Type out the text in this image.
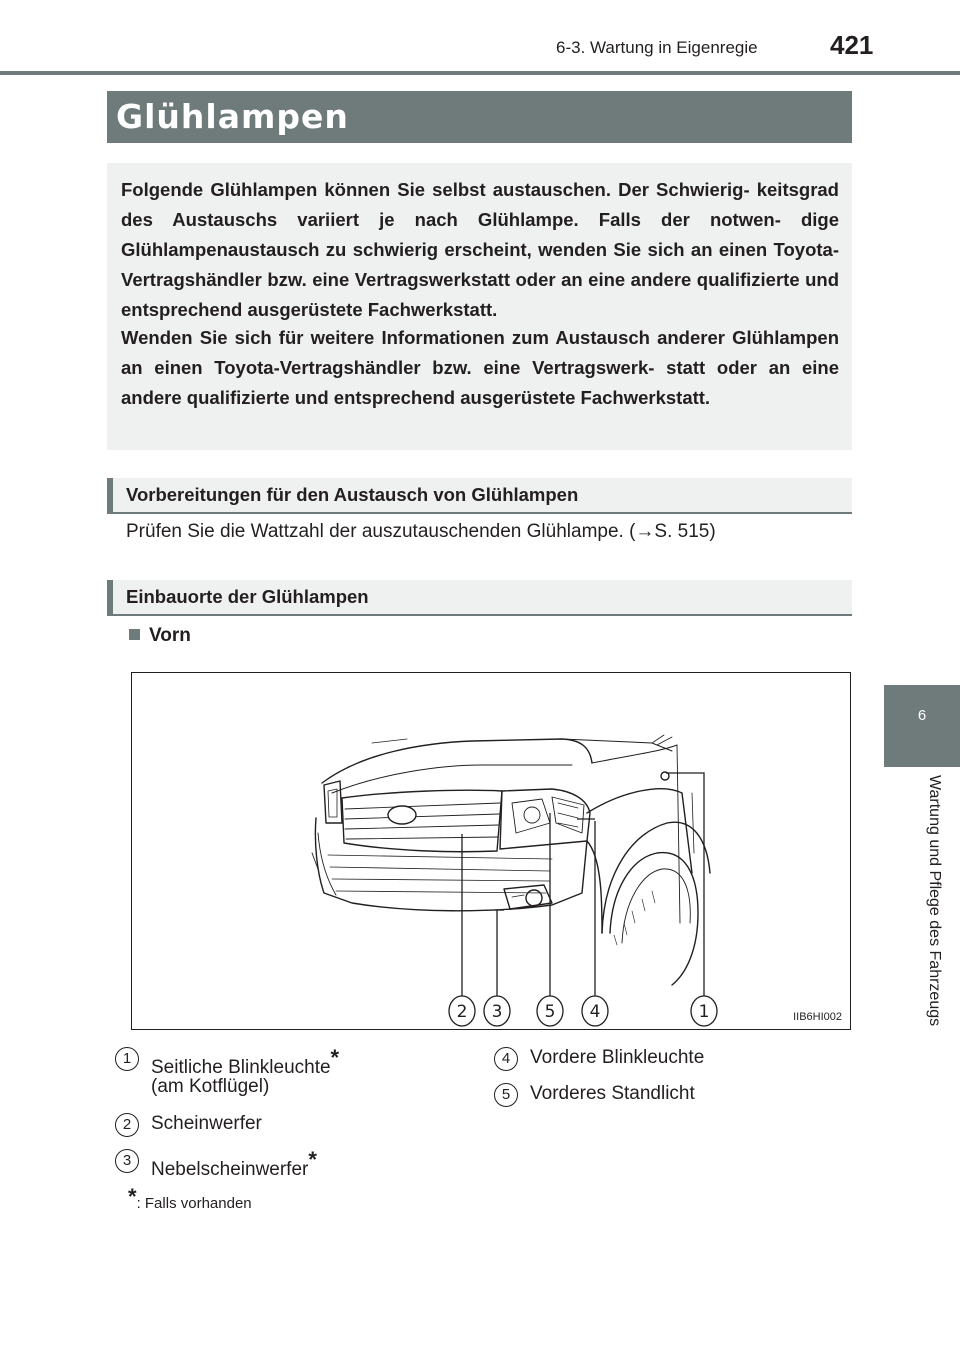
6-3. Wartung in Eigenregie	421
6
Wartung und Pflege des Fahrzeugs
Glühlampen

Folgende Glühlampen können Sie selbst austauschen. Der Schwierig- keitsgrad des Austauschs variiert je nach Glühlampe. Falls der notwen- dige Glühlampenaustausch zu schwierig erscheint, wenden Sie sich an einen Toyota-Vertragshändler bzw. eine Vertragswerkstatt oder an eine andere qualifizierte und entsprechend ausgerüstete Fachwerkstatt.

Wenden Sie sich für weitere Informationen zum Austausch anderer Glühlampen an einen Toyota-Vertragshändler bzw. eine Vertragswerk- statt oder an eine andere qualifizierte und entsprechend ausgerüstete Fachwerkstatt.

Vorbereitungen für den Austausch von Glühlampen
Prüfen Sie die Wattzahl der auszutauschenden Glühlampe. (→S. 515)
Einbauorte der Glühlampen
Vorn
2 3 5 4	1	IIB6HI002
1	Seitliche Blinkleuchte*
(am Kotflügel)
2	Scheinwerfer
3	Nebelscheinwerfer*
4	Vordere Blinkleuchte
5	Vorderes Standlicht
*: Falls vorhanden
